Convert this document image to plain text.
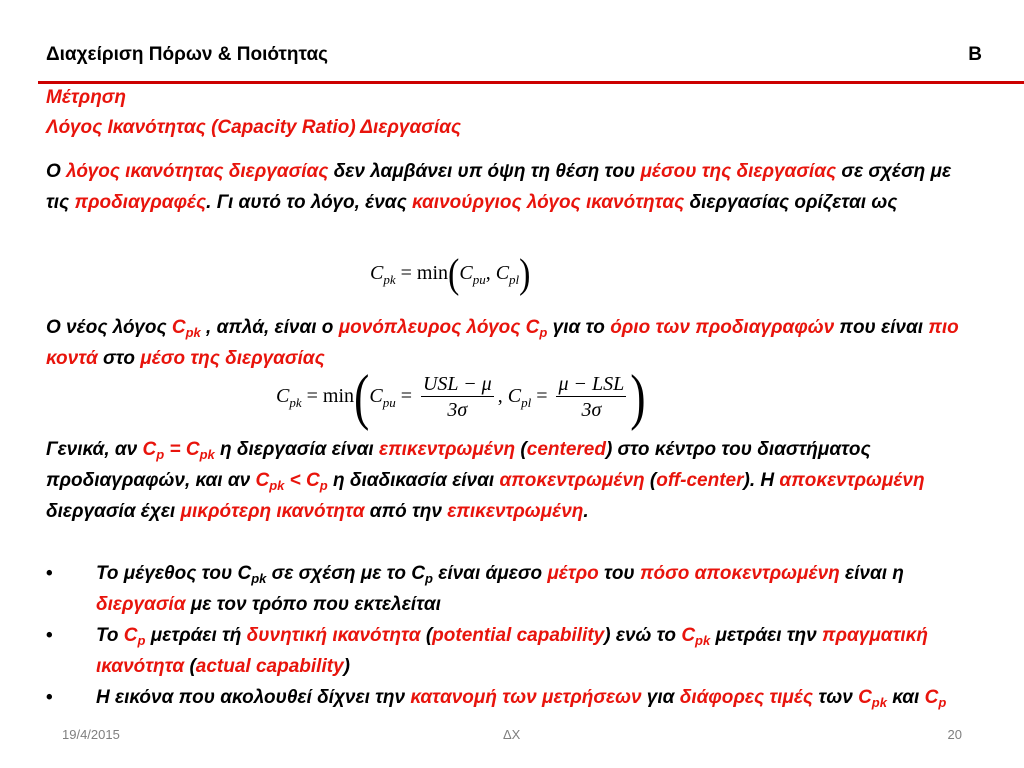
Διαχείριση Πόρων & Ποιότητας	Β
Μέτρηση
Λόγος Ικανότητας (Capacity Ratio) Διεργασίας
Ο λόγος ικανότητας διεργασίας δεν λαμβάνει υπ όψη τη θέση του μέσου της διεργασίας σε σχέση με τις προδιαγραφές. Γι αυτό το λόγο, ένας καινούργιος λόγος ικανότητας διεργασίας ορίζεται ως
$C_{pk} = \min(C_{pu}$, $C_{pl}$)
Ο νέος λόγος $C_{pk}$ , απλά, είναι ο μονόπλευρος λόγος $C_p$ για το όριο των προδιαγραφών που είναι πιο κοντά στο μέσο της διεργασίας
$C_{pk} = \min(C_{pu} = \frac{\text{USL − μ}}{3\sigma}$ , $C_{pl} = \frac{\text{μ − LSL}}{3\sigma}$ )
Γενικά, αν $C_p = C_{pk}$ η διεργασία είναι επικεντρωμένη (centered) στο κέντρο του διαστήματος προδιαγραφών, και αν $C_{pk} < C_p$ η διαδικασία είναι αποκεντρωμένη (off-center). Η αποκεντρωμένη διεργασία έχει μικρότερη ικανότητα από την επικεντρωμένη.
• Το μέγεθος του $C_{pk}$ σε σχέση με το $C_p$ είναι άμεσο μέτρο του πόσο αποκεντρωμένη είναι η διεργασία με τον τρόπο που εκτελείται
• Το $C_p$ μετράει τή δυνητική ικανότητα (potential capability) ενώ το $C_{pk}$ μετράει την πραγματική ικανότητα (actual capability)
• Η εικόνα που ακολουθεί δίχνει την κατανομή των μετρήσεων για διάφορες τιμές των $C_{pk}$ και $C_p$
19/4/2015	ΔΧ	20
